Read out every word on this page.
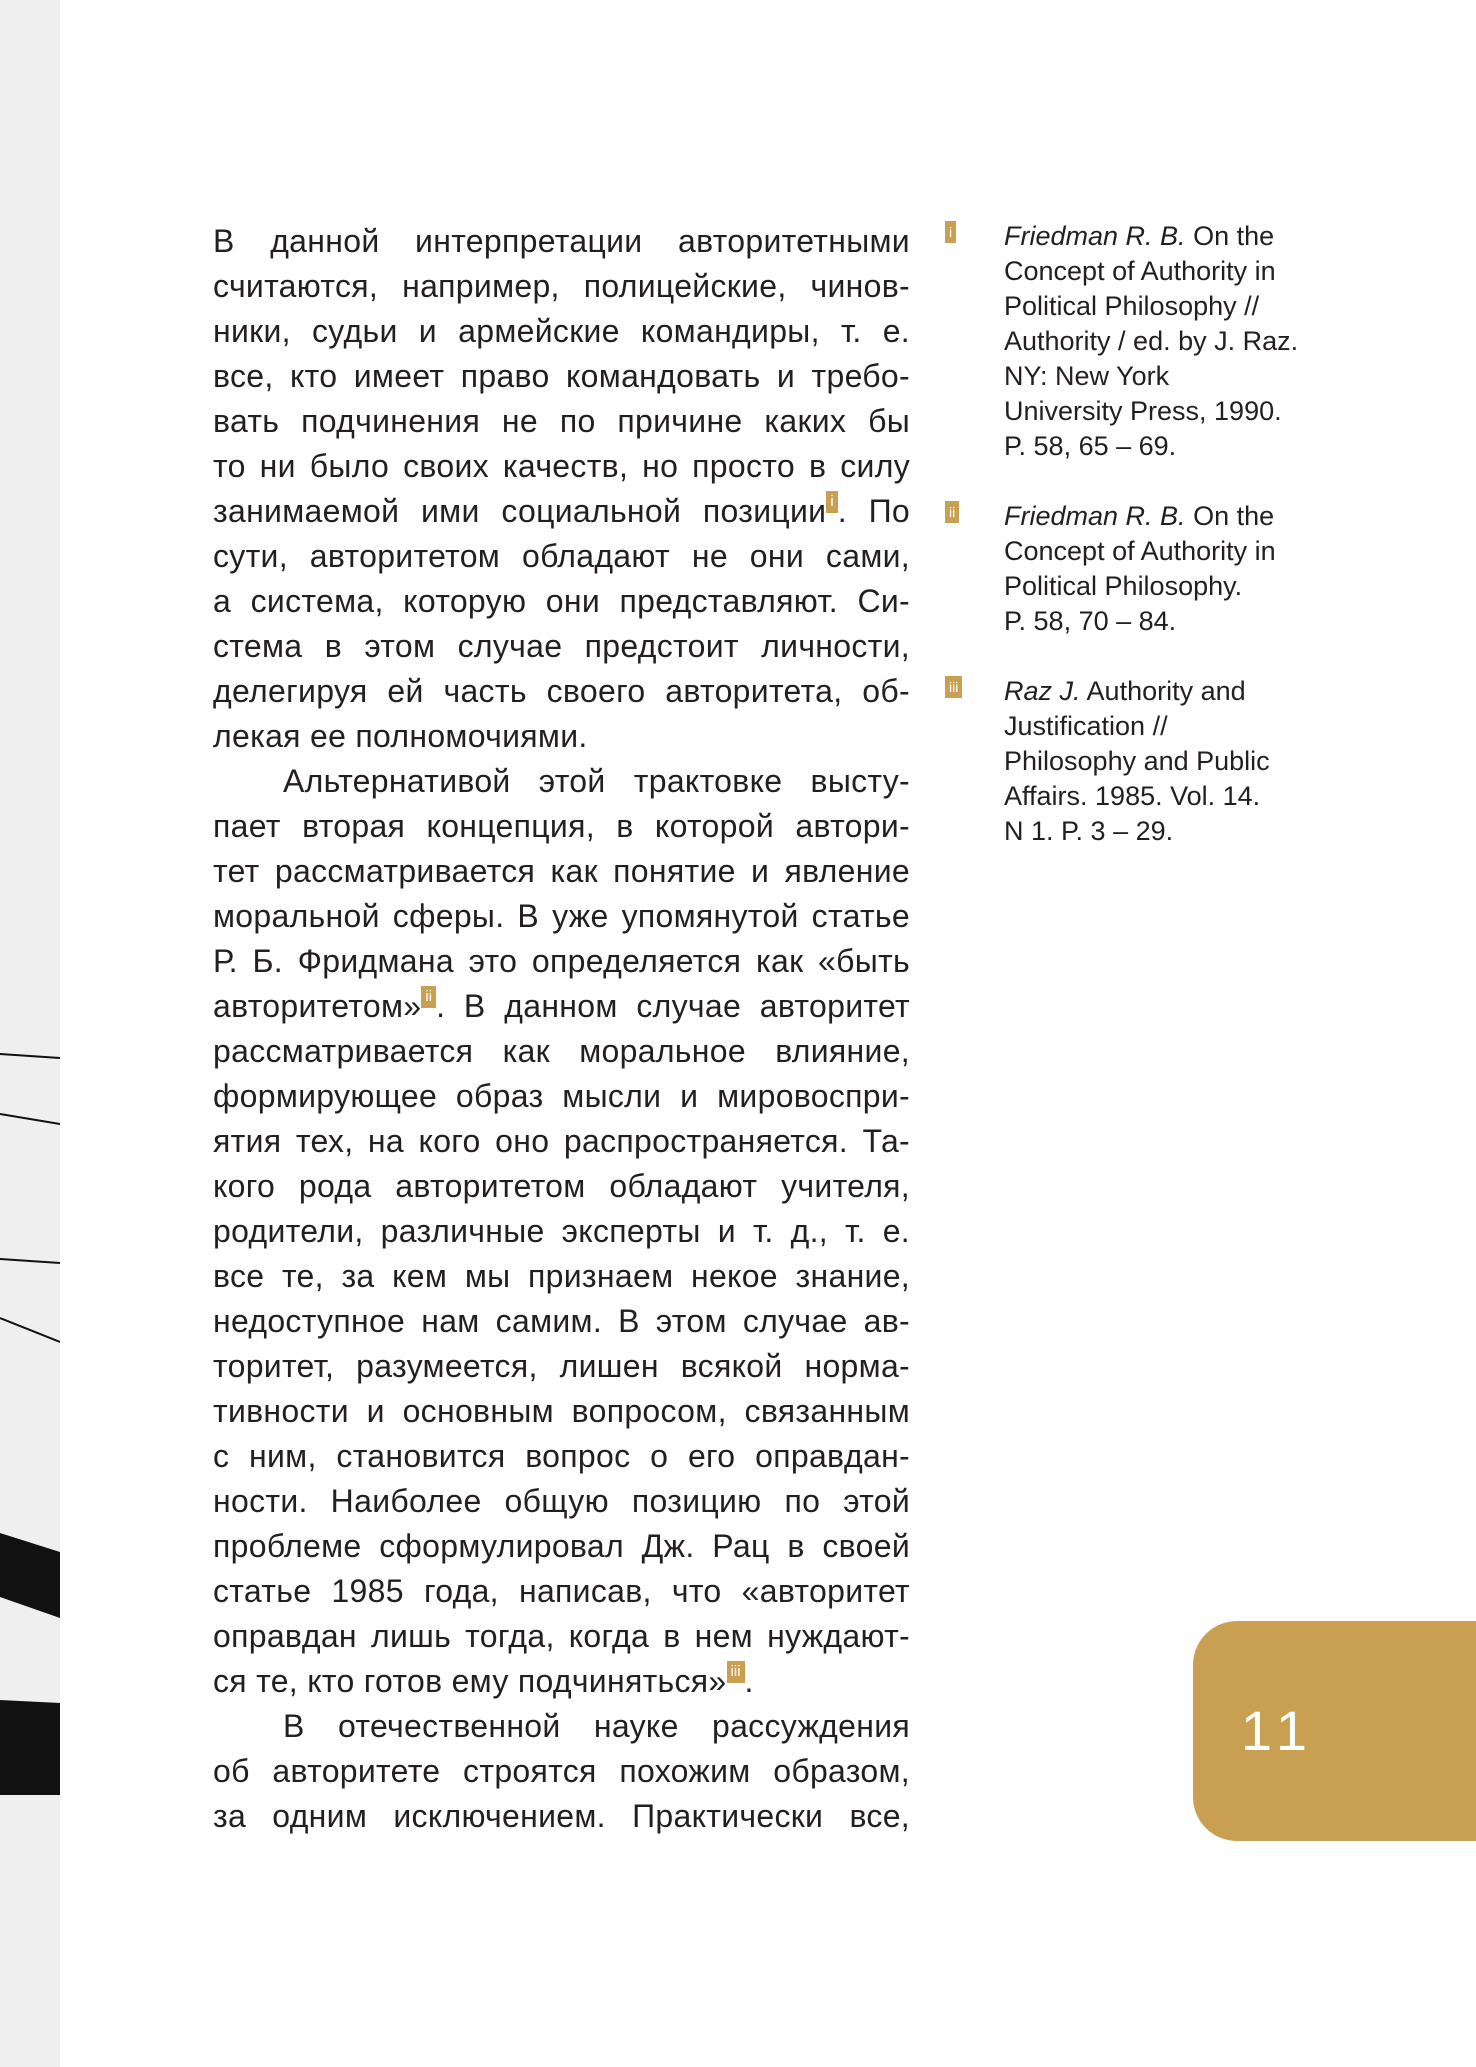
В данной интерпретации авторитетными
считаются, например, полицейские, чинов-
ники, судьи и армейские командиры, т. е.
все, кто имеет право командовать и требо-
вать подчинения не по причине каких бы
то ни было своих качеств, но просто в силу
занимаемой ими социальной позиции i . По
сути, авторитетом обладают не они сами,
а система, которую они представляют. Си-
стема в этом случае предстоит личности,
делегируя ей часть своего авторитета, об-
лекая ее полномочиями.
Альтернативой этой трактовке высту-
пает вторая концепция, в которой автори-
тет рассматривается как понятие и явление
моральной сферы. В уже упомянутой статье
Р. Б. Фридмана это определяется как «быть
авторитетом» ii . В данном случае авторитет
рассматривается как моральное влияние,
формирующее образ мысли и мировоспри-
ятия тех, на кого оно распространяется. Та-
кого рода авторитетом обладают учителя,
родители, различные эксперты и т. д., т. е.
все те, за кем мы признаем некое знание,
недоступное нам самим. В этом случае ав-
торитет, разумеется, лишен всякой норма-
тивности и основным вопросом, связанным
с ним, становится вопрос о его оправдан-
ности. Наиболее общую позицию по этой
проблеме сформулировал Дж. Рац в своей
статье 1985 года, написав, что «авторитет
оправдан лишь тогда, когда в нем нуждают-
ся те, кто готов ему подчиняться» iii .
В отечественной науке рассуждения
об авторитете строятся похожим образом,
за одним исключением. Практически все,
i Friedman R. B. On the
Concept of Authority in
Political Philosophy //
Authority / ed. by J. Raz.
NY: New York
University Press, 1990.
P. 58, 65 – 69.
ii Friedman R. B. On the
Concept of Authority in
Political Philosophy.
P. 58, 70 – 84.
iii Raz J. Authority and
Justification //
Philosophy and Public
Affairs. 1985. Vol. 14.
N 1. P. 3 – 29.
11
